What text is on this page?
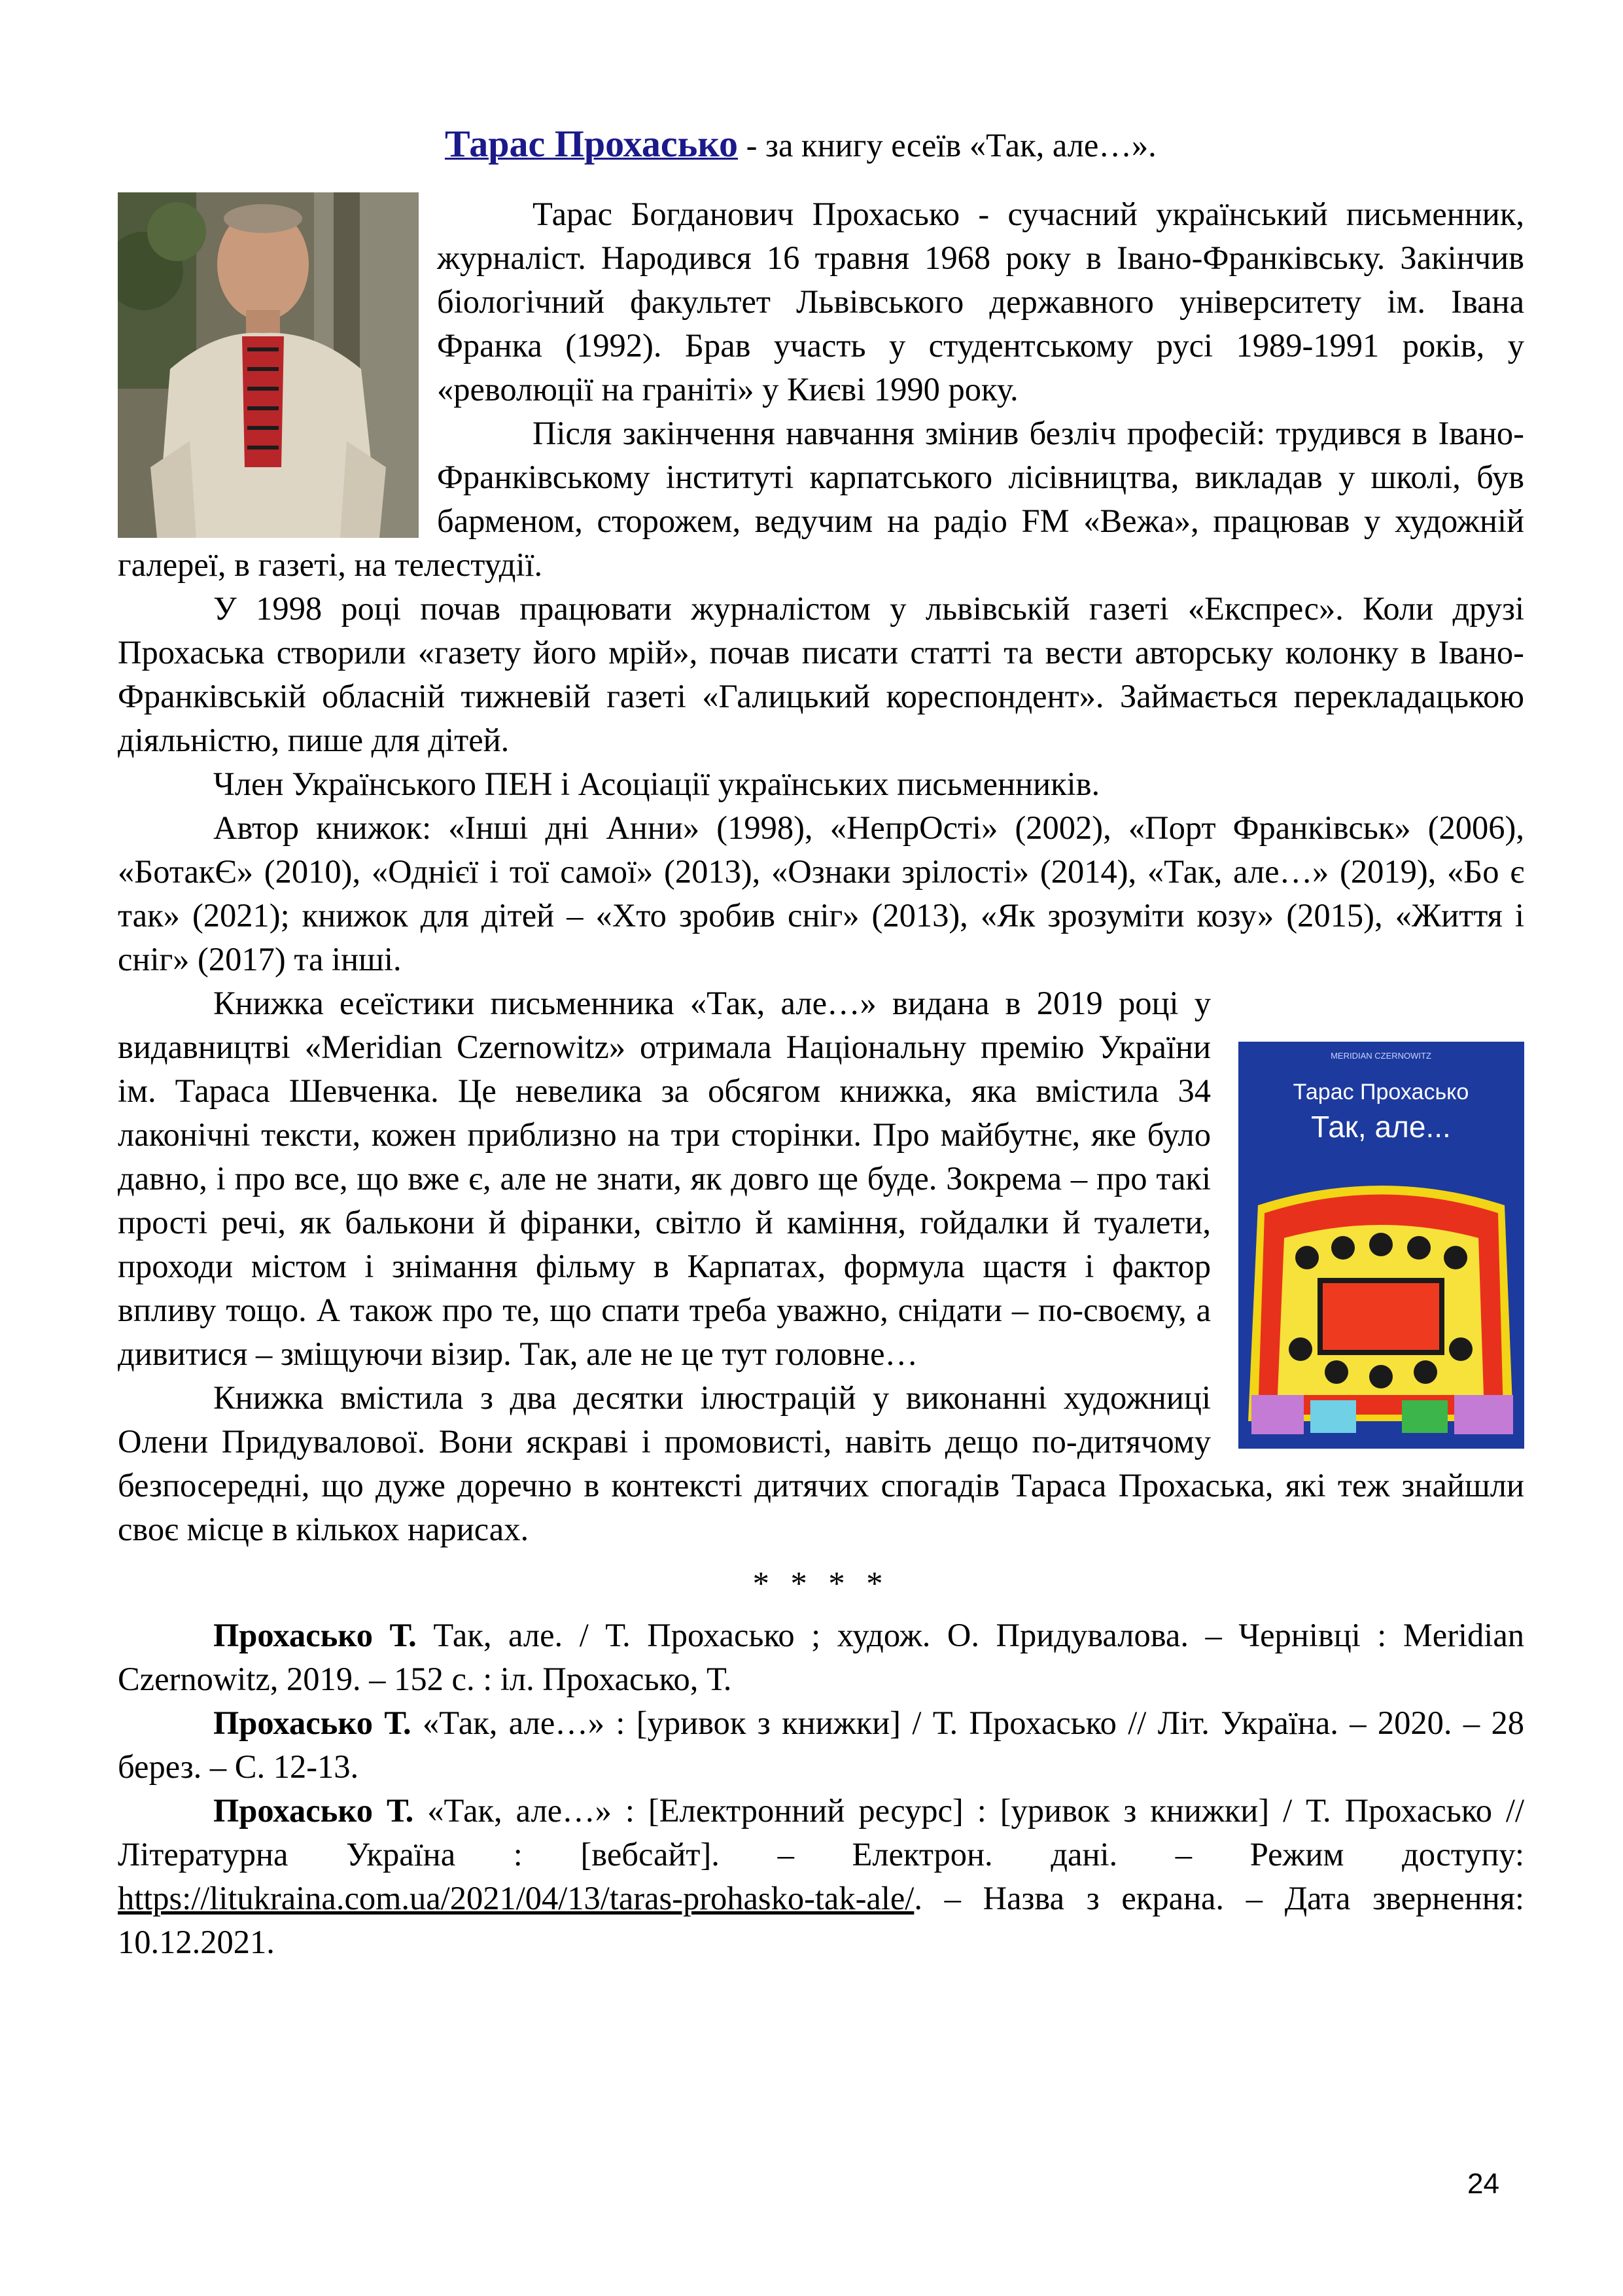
Тарас Прохасько - за книгу есеїв «Так, але…».

Тарас Богданович Прохасько - сучасний український письменник, журналіст. Народився 16 травня 1968 року в Івано-Франківську. Закінчив біологічний факультет Львівського державного університету ім. Івана Франка (1992). Брав участь у студентському русі 1989-1991 років, у «революції на граніті» у Києві 1990 року.

Після закінчення навчання змінив безліч професій: трудився в Івано-Франківському інституті карпатського лісівництва, викладав у школі, був барменом, сторожем, ведучим на радіо FM «Вежа», працював у художній галереї, в газеті, на телестудії.

У 1998 році почав працювати журналістом у львівській газеті «Експрес». Коли друзі Прохаська створили «газету його мрій», почав писати статті та вести авторську колонку в Івано-Франківській обласній тижневій газеті «Галицький кореспондент». Займається перекладацькою діяльністю, пише для дітей.

Член Українського ПЕН і Асоціації українських письменників.

Автор книжок: «Інші дні Анни» (1998), «НепрОсті» (2002), «Порт Франківськ» (2006), «БотакЄ» (2010), «Однієї і тої самої» (2013), «Ознаки зрілості» (2014), «Так, але…» (2019), «Бо є так» (2021); книжок для дітей – «Хто зробив сніг» (2013), «Як зрозуміти козу» (2015), «Життя і сніг» (2017) та інші.

MERIDIAN CZERNOWITZ
Тарас Прохасько
Так, але...

Книжка есеїстики письменника «Так, але…» видана в 2019 році у видавництві «Meridian Czernowitz» отримала Національну премію України ім. Тараса Шевченка. Це невелика за обсягом книжка, яка вмістила 34 лаконічні тексти, кожен приблизно на три сторінки. Про майбутнє, яке було давно, і про все, що вже є, але не знати, як довго ще буде. Зокрема – про такі прості речі, як балькони й фіранки, світло й каміння, гойдалки й туалети, проходи містом і знімання фільму в Карпатах, формула щастя і фактор впливу тощо. А також про те, що спати треба уважно, снідати – по-своєму, а дивитися – зміщуючи візир. Так, але не це тут головне…

Книжка вмістила з два десятки ілюстрацій у виконанні художниці Олени Придувалової. Вони яскраві і промовисті, навіть дещо по-дитячому безпосередні, що дуже доречно в контексті дитячих спогадів Тараса Прохаська, які теж знайшли своє місце в кількох нарисах.

* * * *

Прохасько Т. Так, але. / Т. Прохасько ; худож. О. Придувалова. – Чернівці : Meridian Czernowitz, 2019. – 152 с. : іл. Прохасько, Т.

Прохасько Т. «Так, але…» : [уривок з книжки] / Т. Прохасько // Літ. Україна. – 2020. – 28 берез. – С. 12-13.

Прохасько Т. «Так, але…» : [Електронний ресурс] : [уривок з книжки] / Т. Прохасько // Літературна Україна : [вебсайт]. – Електрон. дані. – Режим доступу: https://litukraina.com.ua/2021/04/13/taras-prohasko-tak-ale/. – Назва з екрана. – Дата звернення: 10.12.2021.

24
